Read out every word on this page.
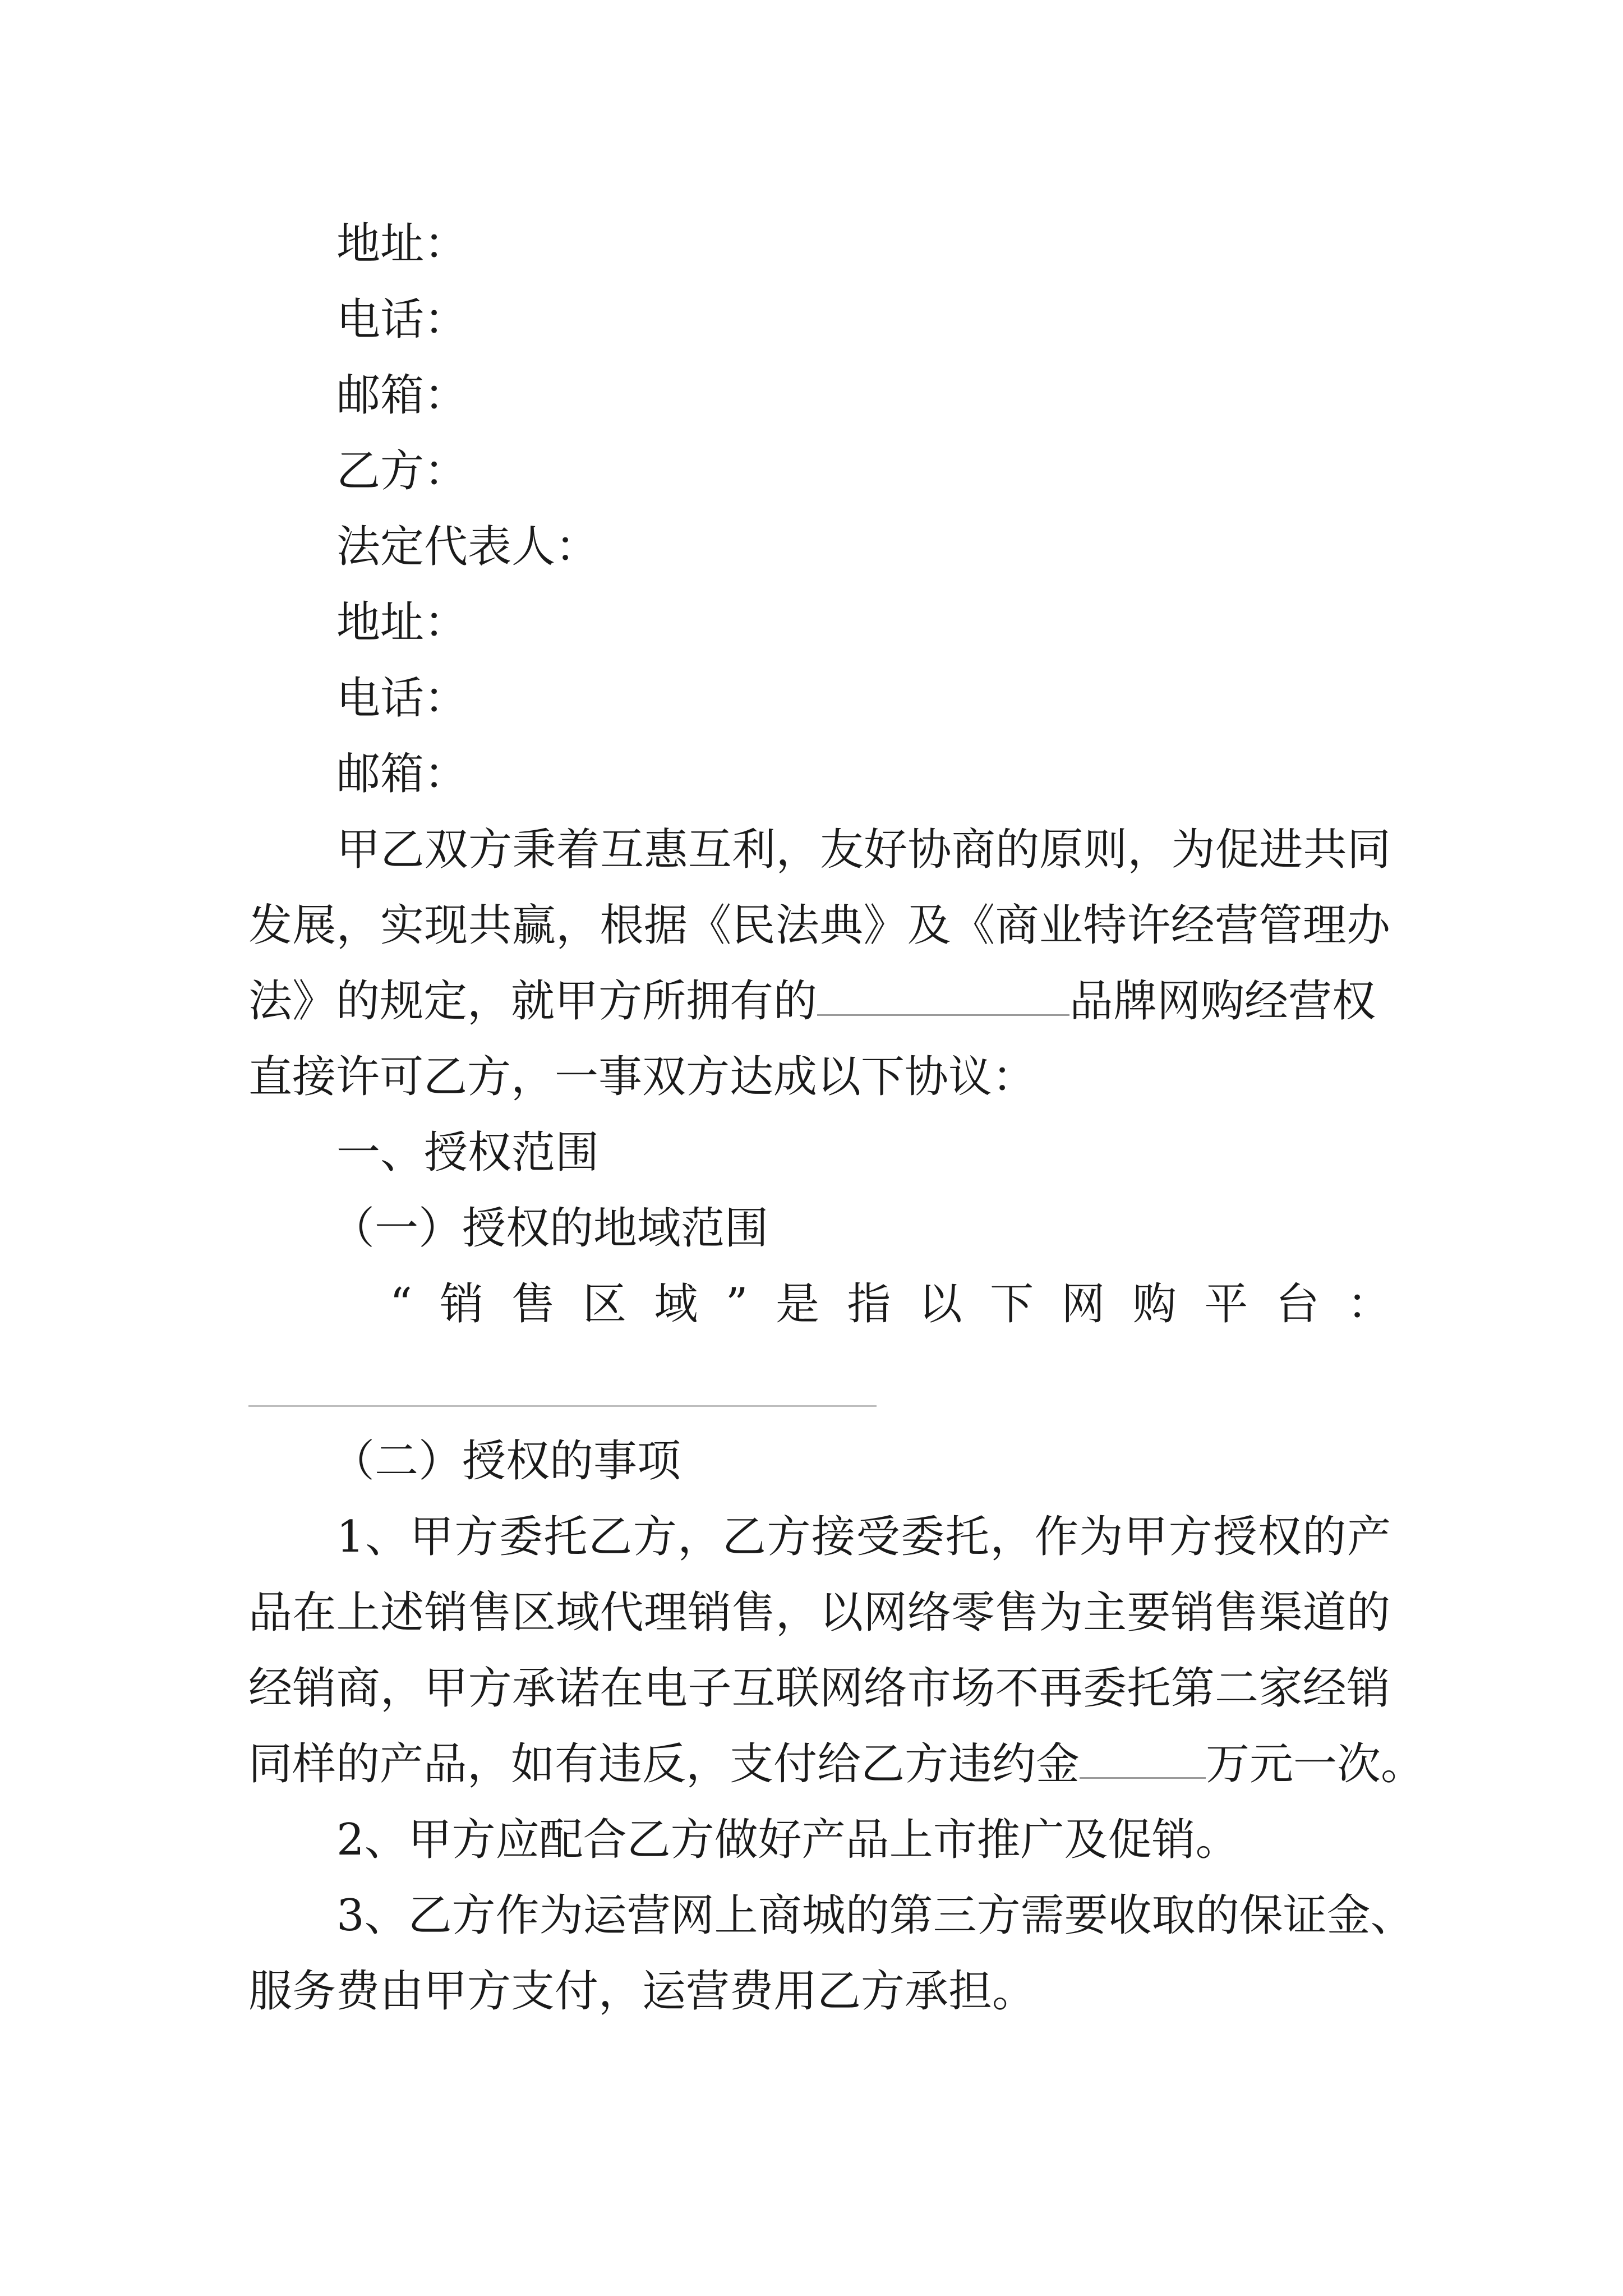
地址：
电话：
邮箱：
乙方：
法定代表人：
地址：
电话：
邮箱：
甲乙双方秉着互惠互利，友好协商的原则，为促进共同
发展，实现共赢，根据《民法典》及《商业特许经营管理办
法》的规定，就甲方所拥有的	品牌网购经营权
直接许可乙方，一事双方达成以下协议：
一、授权范围
（一）授权的地域范围
“销售区域”是指以下网购平台：
（二）授权的事项
1、甲方委托乙方，乙方接受委托，作为甲方授权的产
品在上述销售区域代理销售，以网络零售为主要销售渠道的
经销商，甲方承诺在电子互联网络市场不再委托第二家经销
同样的产品，如有违反，支付给乙方违约金	万元一次。
2、甲方应配合乙方做好产品上市推广及促销。
3、乙方作为运营网上商城的第三方需要收取的保证金、
服务费由甲方支付，运营费用乙方承担。
